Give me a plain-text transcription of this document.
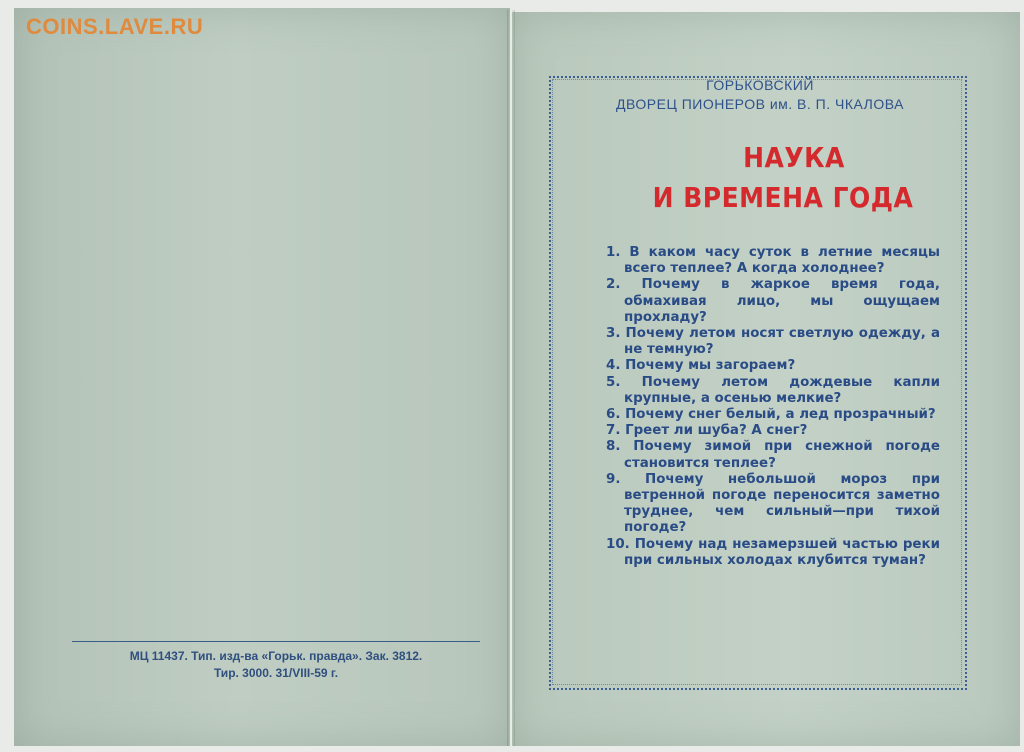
COINS.LAVE.RU
МЦ 11437. Тип. изд-ва «Горьк. правда». Зак. 3812.
Тир. 3000. 31/VIII-59 г.
ГОРЬКОВСКИЙ
ДВОРЕЦ ПИОНЕРОВ им. В. П. ЧКАЛОВА
НАУКА
И ВРЕМЕНА ГОДА
1. В каком часу суток в летние месяцы всего теплее? А когда холоднее?
2. Почему в жаркое время года, обмахивая лицо, мы ощущаем прохладу?
3. Почему летом носят светлую одежду, а не темную?
4. Почему мы загораем?
5. Почему летом дождевые капли крупные, а осенью мелкие?
6. Почему снег белый, а лед прозрачный?
7. Греет ли шуба? А снег?
8. Почему зимой при снежной погоде становится теплее?
9. Почему небольшой мороз при ветренной погоде переносится заметно труднее, чем сильный—при тихой погоде?
10. Почему над незамерзшей частью реки при сильных холодах клубится туман?
